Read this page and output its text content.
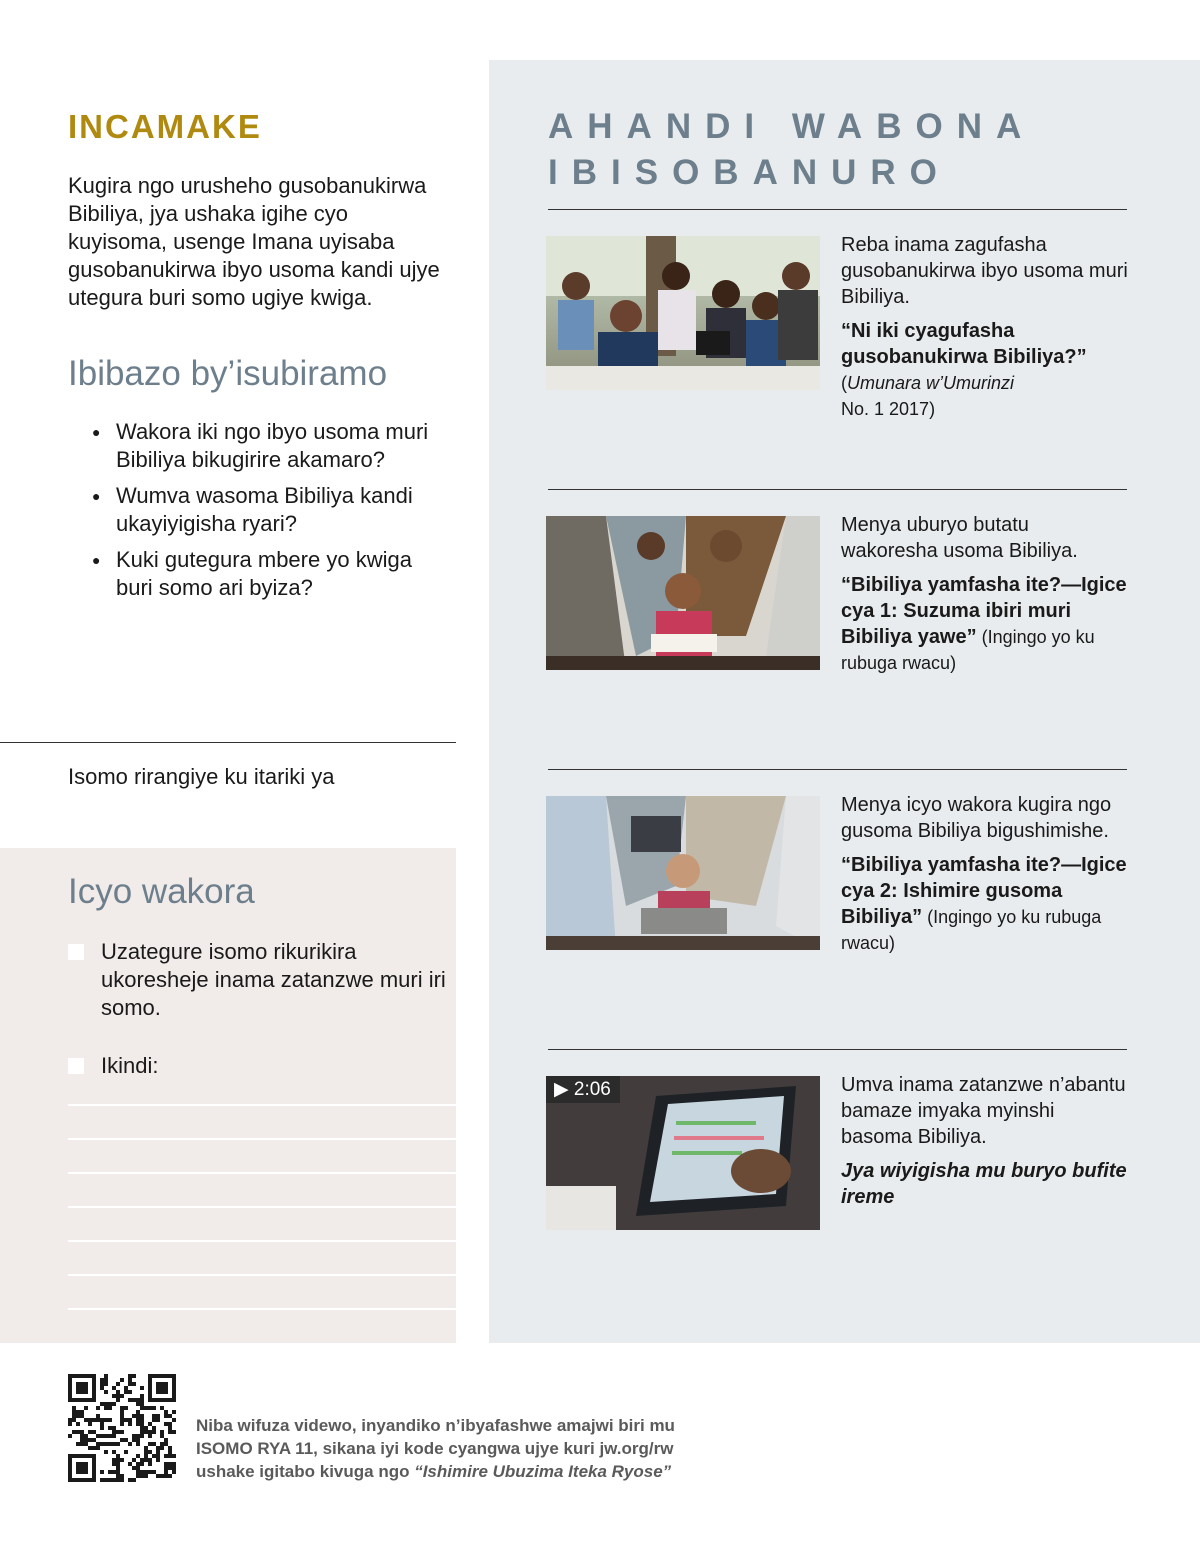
INCAMAKE

Kugira ngo urusheho gusobanukirwa Bibiliya, jya ushaka igihe cyo kuyisoma, usenge Imana uyisaba gusobanukirwa ibyo usoma kandi ujye utegura buri somo ugiye kwiga.

Ibibazo by’isubiramo
● Wakora iki ngo ibyo usoma muri Bibiliya bikugirire akamaro?
● Wumva wasoma Bibiliya kandi ukayiyigisha ryari?
● Kuki gutegura mbere yo kwiga buri somo ari byiza?

Isomo rirangiye ku itariki ya

Icyo wakora
Uzategure isomo rikurikira ukoresheje inama zatanzwe muri iri somo.
Ikindi:
AHANDI WABONA IBISOBANURO

Reba inama zagufasha gusobanukirwa ibyo usoma muri Bibiliya.

“Ni iki cyagufasha gusobanukirwa Bibiliya?”

(Umunara w’Umurinzi
No. 1 2017)

Menya uburyo butatu wakoresha usoma Bibiliya.

“Bibiliya yamfasha ite?—Igice cya 1: Suzuma ibiri muri Bibiliya yawe” (Ingingo yo ku rubuga rwacu)

Menya icyo wakora kugira ngo gusoma Bibiliya bigushimishe.

“Bibiliya yamfasha ite?—Igice cya 2: Ishimire gusoma Bibiliya” (Ingingo yo ku rubuga rwacu)

▶ 2:06	Umva inama zatanzwe n’abantu bamaze imyaka myinshi basoma Bibiliya.

Jya wiyigisha mu buryo bufite ireme

Niba wifuza videwo, inyandiko n’ibyafashwe amajwi biri mu
ISOMO RYA 11, sikana iyi kode cyangwa ujye kuri jw.org/rw
ushake igitabo kivuga ngo “Ishimire Ubuzima Iteka Ryose”
